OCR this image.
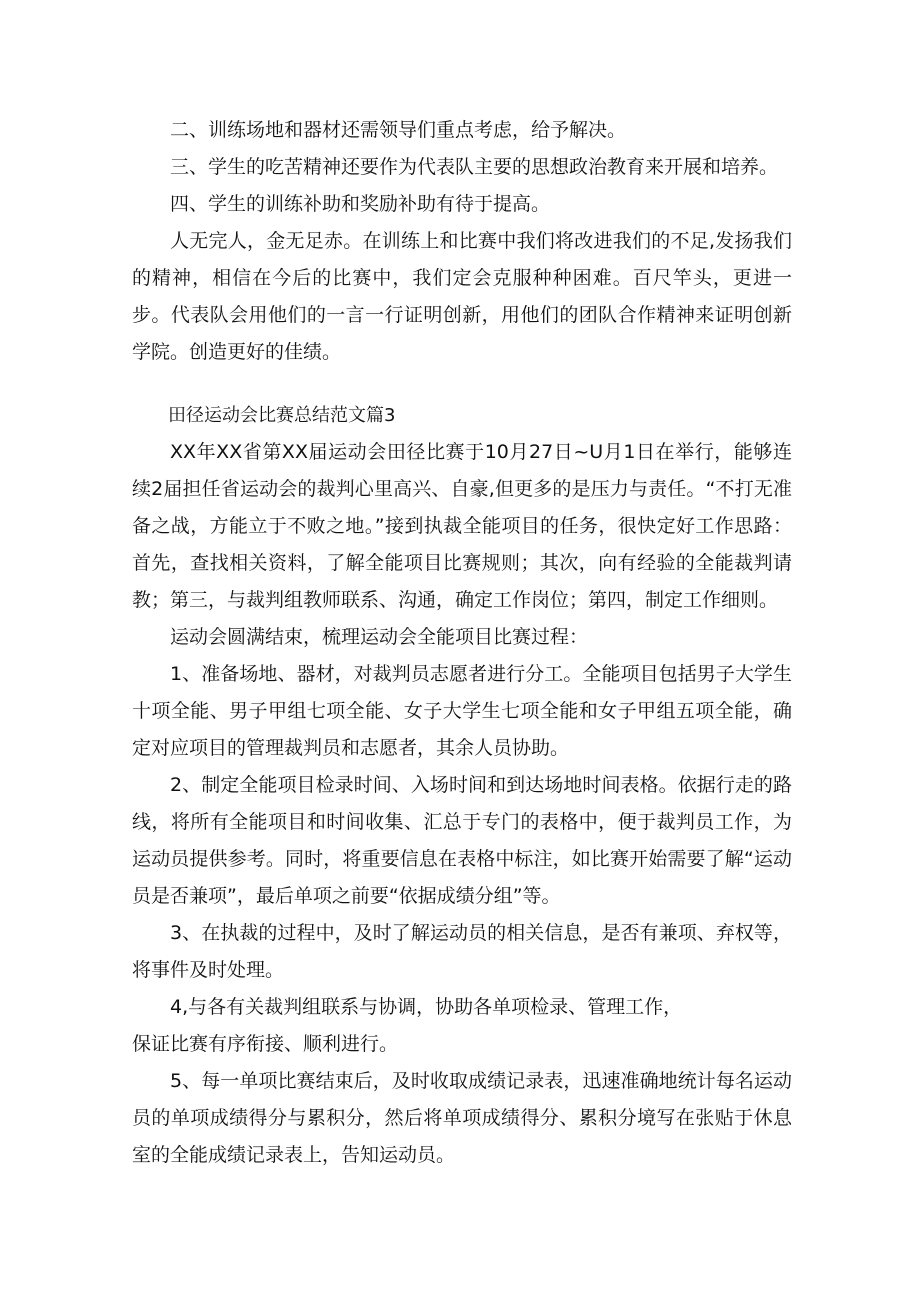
二、训练场地和器材还需领导们重点考虑，给予解决。

三、学生的吃苦精神还要作为代表队主要的思想政治教育来开展和培养。

四、学生的训练补助和奖励补助有待于提高。

人无完人，金无足赤。在训练上和比赛中我们将改进我们的不足,发扬我们的精神，相信在今后的比赛中，我们定会克服种种困难。百尺竿头，更进一步。代表队会用他们的一言一行证明创新，用他们的团队合作精神来证明创新学院。创造更好的佳绩。

田径运动会比赛总结范文篇3

XX年XX省第XX届运动会田径比赛于10月27日~U月1日在举行，能够连续2届担任省运动会的裁判心里高兴、自豪,但更多的是压力与责任。“不打无准备之战，方能立于不败之地。”接到执裁全能项目的任务，很快定好工作思路：首先，查找相关资料，了解全能项目比赛规则；其次，向有经验的全能裁判请教；第三，与裁判组教师联系、沟通，确定工作岗位；第四，制定工作细则。

运动会圆满结束，梳理运动会全能项目比赛过程：

1、准备场地、器材，对裁判员志愿者进行分工。全能项目包括男子大学生十项全能、男子甲组七项全能、女子大学生七项全能和女子甲组五项全能，确定对应项目的管理裁判员和志愿者，其余人员协助。

2、制定全能项目检录时间、入场时间和到达场地时间表格。依据行走的路线，将所有全能项目和时间收集、汇总于专门的表格中，便于裁判员工作，为运动员提供参考。同时，将重要信息在表格中标注，如比赛开始需要了解“运动员是否兼项”，最后单项之前要“依据成绩分组”等。

3、在执裁的过程中，及时了解运动员的相关信息，是否有兼项、弃权等，将事件及时处理。

4,与各有关裁判组联系与协调，协助各单项检录、管理工作，
保证比赛有序衔接、顺利进行。

5、每一单项比赛结束后，及时收取成绩记录表，迅速准确地统计每名运动员的单项成绩得分与累积分，然后将单项成绩得分、累积分境写在张贴于休息室的全能成绩记录表上，告知运动员。
